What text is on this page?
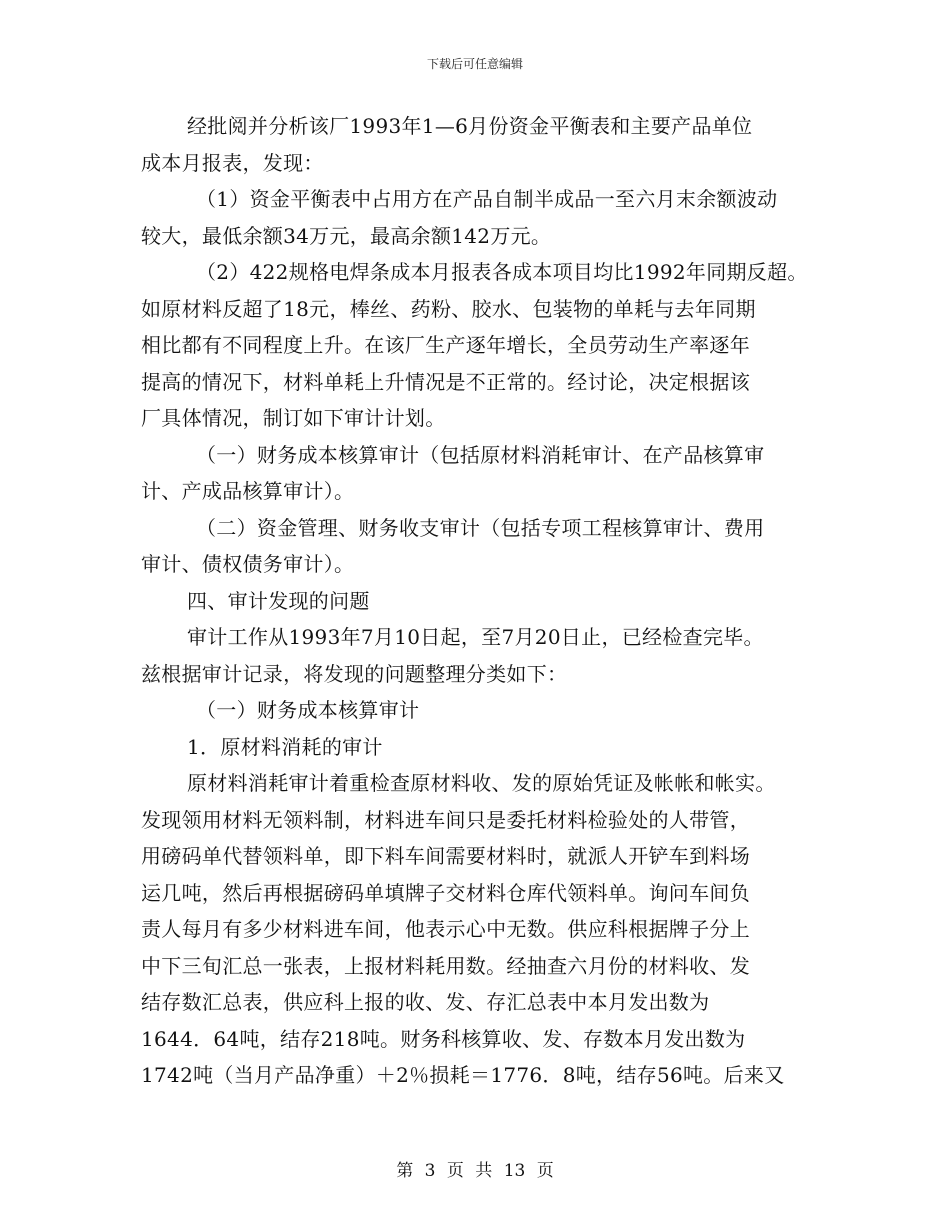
下载后可任意编辑
经批阅并分析该厂1993年1—6月份资金平衡表和主要产品单位
成本月报表，发现：
（1）资金平衡表中占用方在产品自制半成品一至六月末余额波动
较大，最低余额34万元，最高余额142万元。
（2）422规格电焊条成本月报表各成本项目均比1992年同期反超。
如原材料反超了18元，棒丝、药粉、胶水、包装物的单耗与去年同期
相比都有不同程度上升。在该厂生产逐年增长，全员劳动生产率逐年
提高的情况下，材料单耗上升情况是不正常的。经讨论，决定根据该
厂具体情况，制订如下审计计划。
（一）财务成本核算审计（包括原材料消耗审计、在产品核算审
计、产成品核算审计）。
（二）资金管理、财务收支审计（包括专项工程核算审计、费用
审计、债权债务审计）。
四、审计发现的问题
审计工作从1993年7月10日起，至7月20日止，已经检查完毕。
兹根据审计记录，将发现的问题整理分类如下：
（一）财务成本核算审计
1．原材料消耗的审计
原材料消耗审计着重检查原材料收、发的原始凭证及帐帐和帐实。
发现领用材料无领料制，材料进车间只是委托材料检验处的人带管，
用磅码单代替领料单，即下料车间需要材料时，就派人开铲车到料场
运几吨，然后再根据磅码单填牌子交材料仓库代领料单。询问车间负
责人每月有多少材料进车间，他表示心中无数。供应科根据牌子分上
中下三旬汇总一张表，上报材料耗用数。经抽查六月份的材料收、发
结存数汇总表，供应科上报的收、发、存汇总表中本月发出数为
1644．64吨，结存218吨。财务科核算收、发、存数本月发出数为
1742吨（当月产品净重）＋2％损耗＝1776．8吨，结存56吨。后来又
第 3 页 共 13 页
